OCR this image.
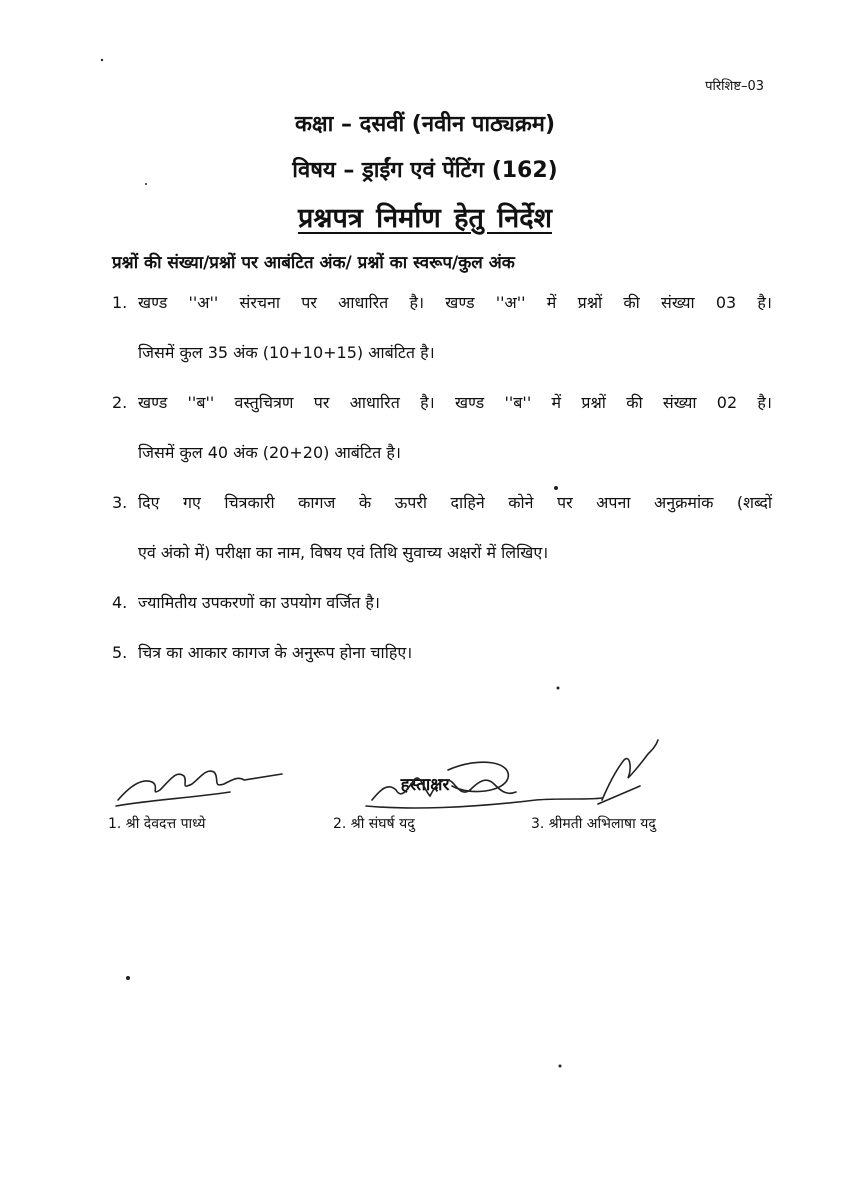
परिशिष्ट–03
कक्षा – दसवीं (नवीन पाठ्यक्रम)
विषय – ड्राईंग एवं पेंटिंग (162)
प्रश्नपत्र निर्माण हेतु निर्देश
प्रश्नों की संख्या/प्रश्नों पर आबंटित अंक/ प्रश्नों का स्वरूप/कुल अंक
1. खण्ड ''अ'' संरचना पर आधारित है। खण्ड ''अ'' में प्रश्नों की संख्या 03 है।
जिसमें कुल 35 अंक (10+10+15) आबंटित है।
2. खण्ड ''ब'' वस्तुचित्रण पर आधारित है। खण्ड ''ब'' में प्रश्नों की संख्या 02 है।
जिसमें कुल 40 अंक (20+20) आबंटित है।
3. दिए गए चित्रकारी कागज के ऊपरी दाहिने कोने पर अपना अनुक्रमांक (शब्दों
एवं अंको में) परीक्षा का नाम, विषय एवं तिथि सुवाच्य अक्षरों में लिखिए।
4. ज्यामितीय उपकरणों का उपयोग वर्जित है।
5. चित्र का आकार कागज के अनुरूप होना चाहिए।
हस्ताक्षर
1. श्री देवदत्त पाध्ये	2. श्री संघर्ष यदु	3. श्रीमती अभिलाषा यदु
